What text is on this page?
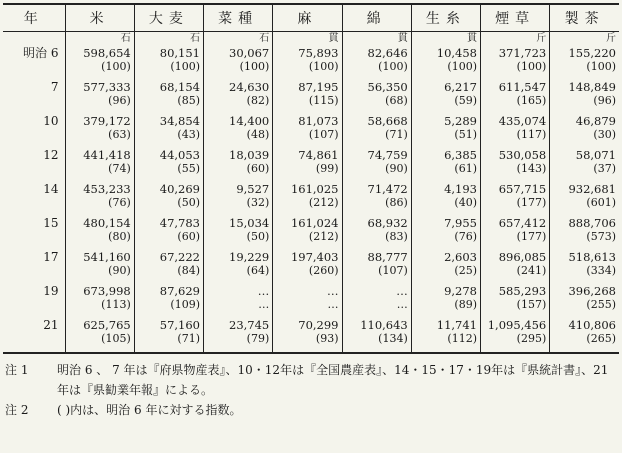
年	米	大麦	菜種	麻	綿	生糸	煙草	製茶
	石	石	石	貫	貫	貫	斤	斤
明治 6	598,654	80,151	30,067	75,893	82,646	10,458	371,723	155,220
	(100)	(100)	(100)	(100)	(100)	(100)	(100)	(100)
7	577,333	68,154	24,630	87,195	56,350	6,217	611,547	148,849
	(96)	(85)	(82)	(115)	(68)	(59)	(165)	(96)
10	379,172	34,854	14,400	81,073	58,668	5,289	435,074	46,879
	(63)	(43)	(48)	(107)	(71)	(51)	(117)	(30)
12	441,418	44,053	18,039	74,861	74,759	6,385	530,058	58,071
	(74)	(55)	(60)	(99)	(90)	(61)	(143)	(37)
14	453,233	40,269	9,527	161,025	71,472	4,193	657,715	932,681
	(76)	(50)	(32)	(212)	(86)	(40)	(177)	(601)
15	480,154	47,783	15,034	161,024	68,932	7,955	657,412	888,706
	(80)	(60)	(50)	(212)	(83)	(76)	(177)	(573)
17	541,160	67,222	19,229	197,403	88,777	2,603	896,085	518,613
	(90)	(84)	(64)	(260)	(107)	(25)	(241)	(334)
19	673,998	87,629	…	…	…	9,278	585,293	396,268
	(113)	(109)	…	…	…	(89)	(157)	(255)
21	625,765	57,160	23,745	70,299	110,643	11,741	1,095,456	410,806
	(105)	(71)	(79)	(93)	(134)	(112)	(295)	(265)
注 1	明治 6 、 7 年は『府県物産表』、10・12年は『全国農産表』、14・15・17・19年は『県統計書』、21年は『県勧業年報』による。
注 2	( )内は、明治 6 年に対する指数。
